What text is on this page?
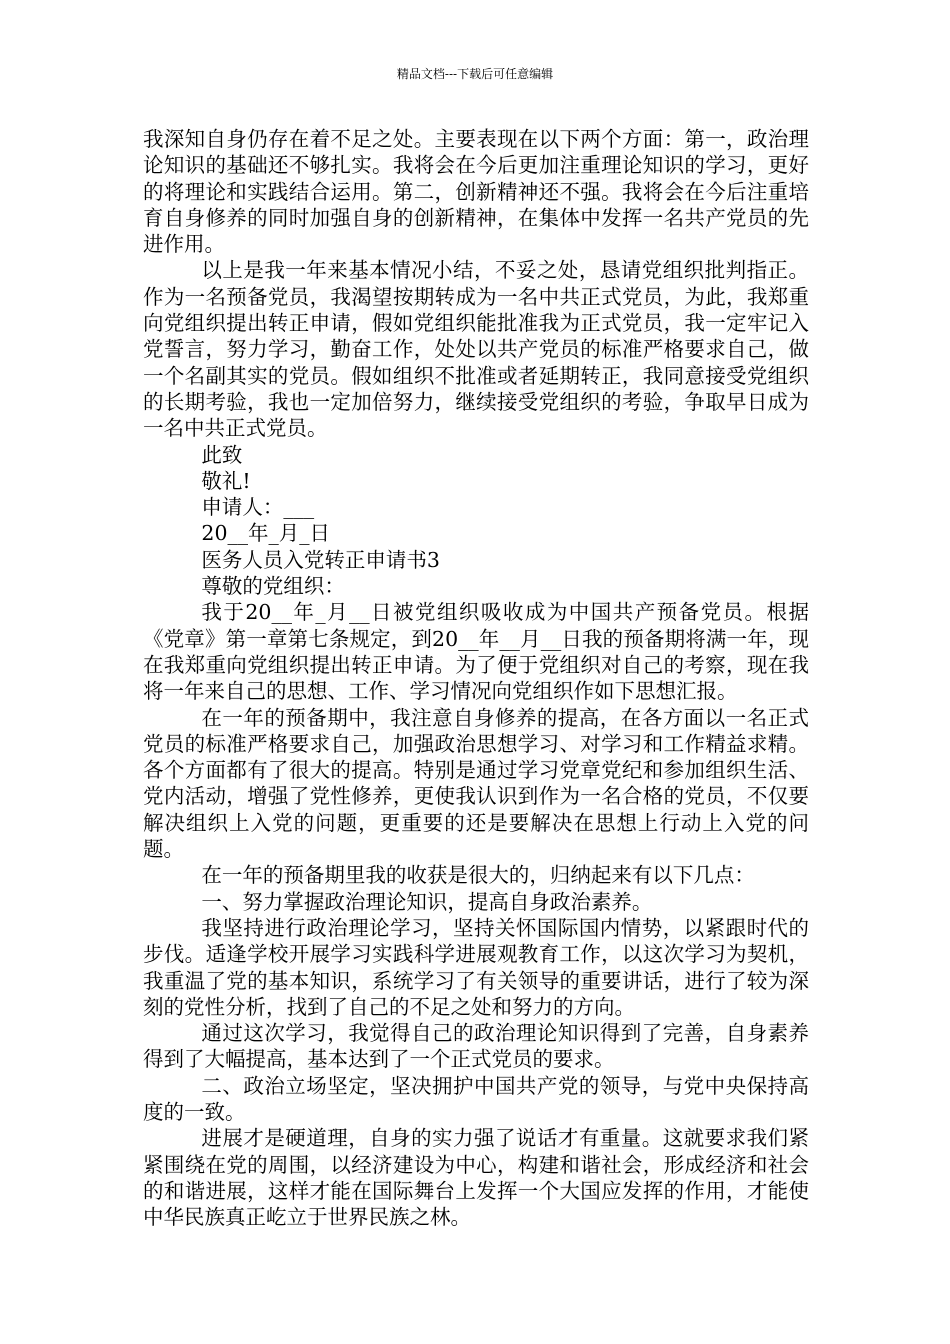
精品文档---下载后可任意编辑

我深知自身仍存在着不足之处。主要表现在以下两个方面：第一，政治理论知识的基础还不够扎实。我将会在今后更加注重理论知识的学习，更好的将理论和实践结合运用。第二，创新精神还不强。我将会在今后注重培育自身修养的同时加强自身的创新精神，在集体中发挥一名共产党员的先进作用。

以上是我一年来基本情况小结，不妥之处，恳请党组织批判指正。作为一名预备党员，我渴望按期转成为一名中共正式党员，为此，我郑重向党组织提出转正申请，假如党组织能批准我为正式党员，我一定牢记入党誓言，努力学习，勤奋工作，处处以共产党员的标准严格要求自己，做一个名副其实的党员。假如组织不批准或者延期转正，我同意接受党组织的长期考验，我也一定加倍努力，继续接受党组织的考验，争取早日成为一名中共正式党员。

此致

敬礼!

申请人：___

20__年_月_日

医务人员入党转正申请书3

尊敬的党组织：

我于20__年_月__日被党组织吸收成为中国共产预备党员。根据《党章》第一章第七条规定，到20__年__月__日我的预备期将满一年，现在我郑重向党组织提出转正申请。为了便于党组织对自己的考察，现在我将一年来自己的思想、工作、学习情况向党组织作如下思想汇报。

在一年的预备期中，我注意自身修养的提高，在各方面以一名正式党员的标准严格要求自己，加强政治思想学习、对学习和工作精益求精。各个方面都有了很大的提高。特别是通过学习党章党纪和参加组织生活、党内活动，增强了党性修养，更使我认识到作为一名合格的党员，不仅要解决组织上入党的问题，更重要的还是要解决在思想上行动上入党的问题。

在一年的预备期里我的收获是很大的，归纳起来有以下几点：

一、努力掌握政治理论知识，提高自身政治素养。

我坚持进行政治理论学习，坚持关怀国际国内情势，以紧跟时代的步伐。适逢学校开展学习实践科学进展观教育工作，以这次学习为契机，我重温了党的基本知识，系统学习了有关领导的重要讲话，进行了较为深刻的党性分析，找到了自己的不足之处和努力的方向。

通过这次学习，我觉得自己的政治理论知识得到了完善，自身素养得到了大幅提高，基本达到了一个正式党员的要求。

二、政治立场坚定，坚决拥护中国共产党的领导，与党中央保持高度的一致。

进展才是硬道理，自身的实力强了说话才有重量。这就要求我们紧紧围绕在党的周围，以经济建设为中心，构建和谐社会，形成经济和社会的和谐进展，这样才能在国际舞台上发挥一个大国应发挥的作用，才能使中华民族真正屹立于世界民族之林。
